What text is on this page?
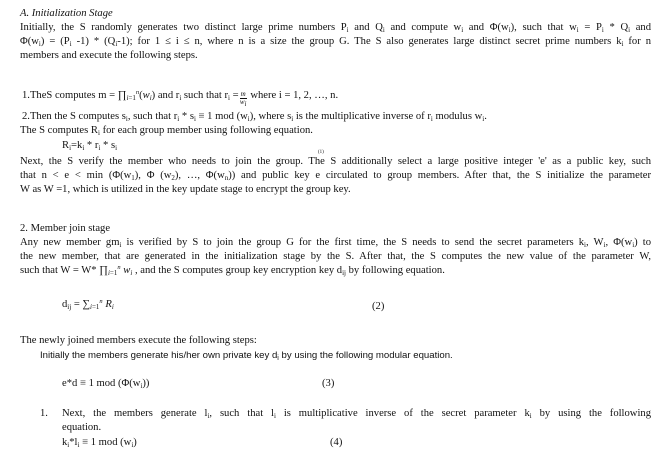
A. Initialization Stage
Initially, the S randomly generates two distinct large prime numbers $P_i$ and $Q_i$ and compute $w_i$ and $\Phi(w_i)$, such that $w_i = P_i * Q_i$ and
$\Phi(w_i) = (P_i$ $-1) * (Q_i-1)$; for 1 ≤ i ≤ n, where n is a size the group G. The S also generates large distinct secret prime numbers $k_i$ for n
members and execute the following steps.
1.TheS computes $m = \prod_{i=1}^n(w_i)$ and $r_i$ such that $r_i = \frac{m}{w_i}$ where i = 1, 2, …, n.
2.Then the S computes $s_i$, such that $r_i * s_i \equiv 1$ mod $(w_i)$, where $s_i$ is the multiplicative inverse of $r_i$ modulus $w_i$.
The S computes $R_i$ for each group member using following equation.
$R_i=k_i * r_i * s_i$
(1)
Next, the S verify the member who needs to join the group. The S additionally select a large positive integer 'e' as a public key, such
that $n < e < \min (\Phi(w_1)$, Φ $(w_2)$, …, $\Phi(w_n)$) and public key e circulated to group members. After that, the S initialize the parameter
W as W =1, which is utilized in the key update stage to encrypt the group key.
2. Member join stage
Any new member $gm_i$ is verified by S to join the group G for the first time, the S needs to send the secret parameters $k_i$, $W_i$, $\Phi(w_i)$ to
the new member, that are generated in the initialization stage by the S. After that, the S computes the new value of the parameter W,
such that W = W* $\prod_{i=1}^n$ $w_i$ , and the S computes group key encryption key $d_{ij}$ by following equation.
$d_{ij} = \sum_{i=1}^n$ $R_i$	(2)
The newly joined members execute the following steps:
Initially the members generate his/her own private key $d_i$ by using the following modular equation.
e*d ≡ 1 mod $(\Phi(w_i))$	(3)
1. Next, the members generate $l_i$, such that $l_i$ is multiplicative inverse of the secret parameter $k_i$ by using the following
equation.
$k_i*l_i \equiv 1$ mod $(w_i)$	(4)
